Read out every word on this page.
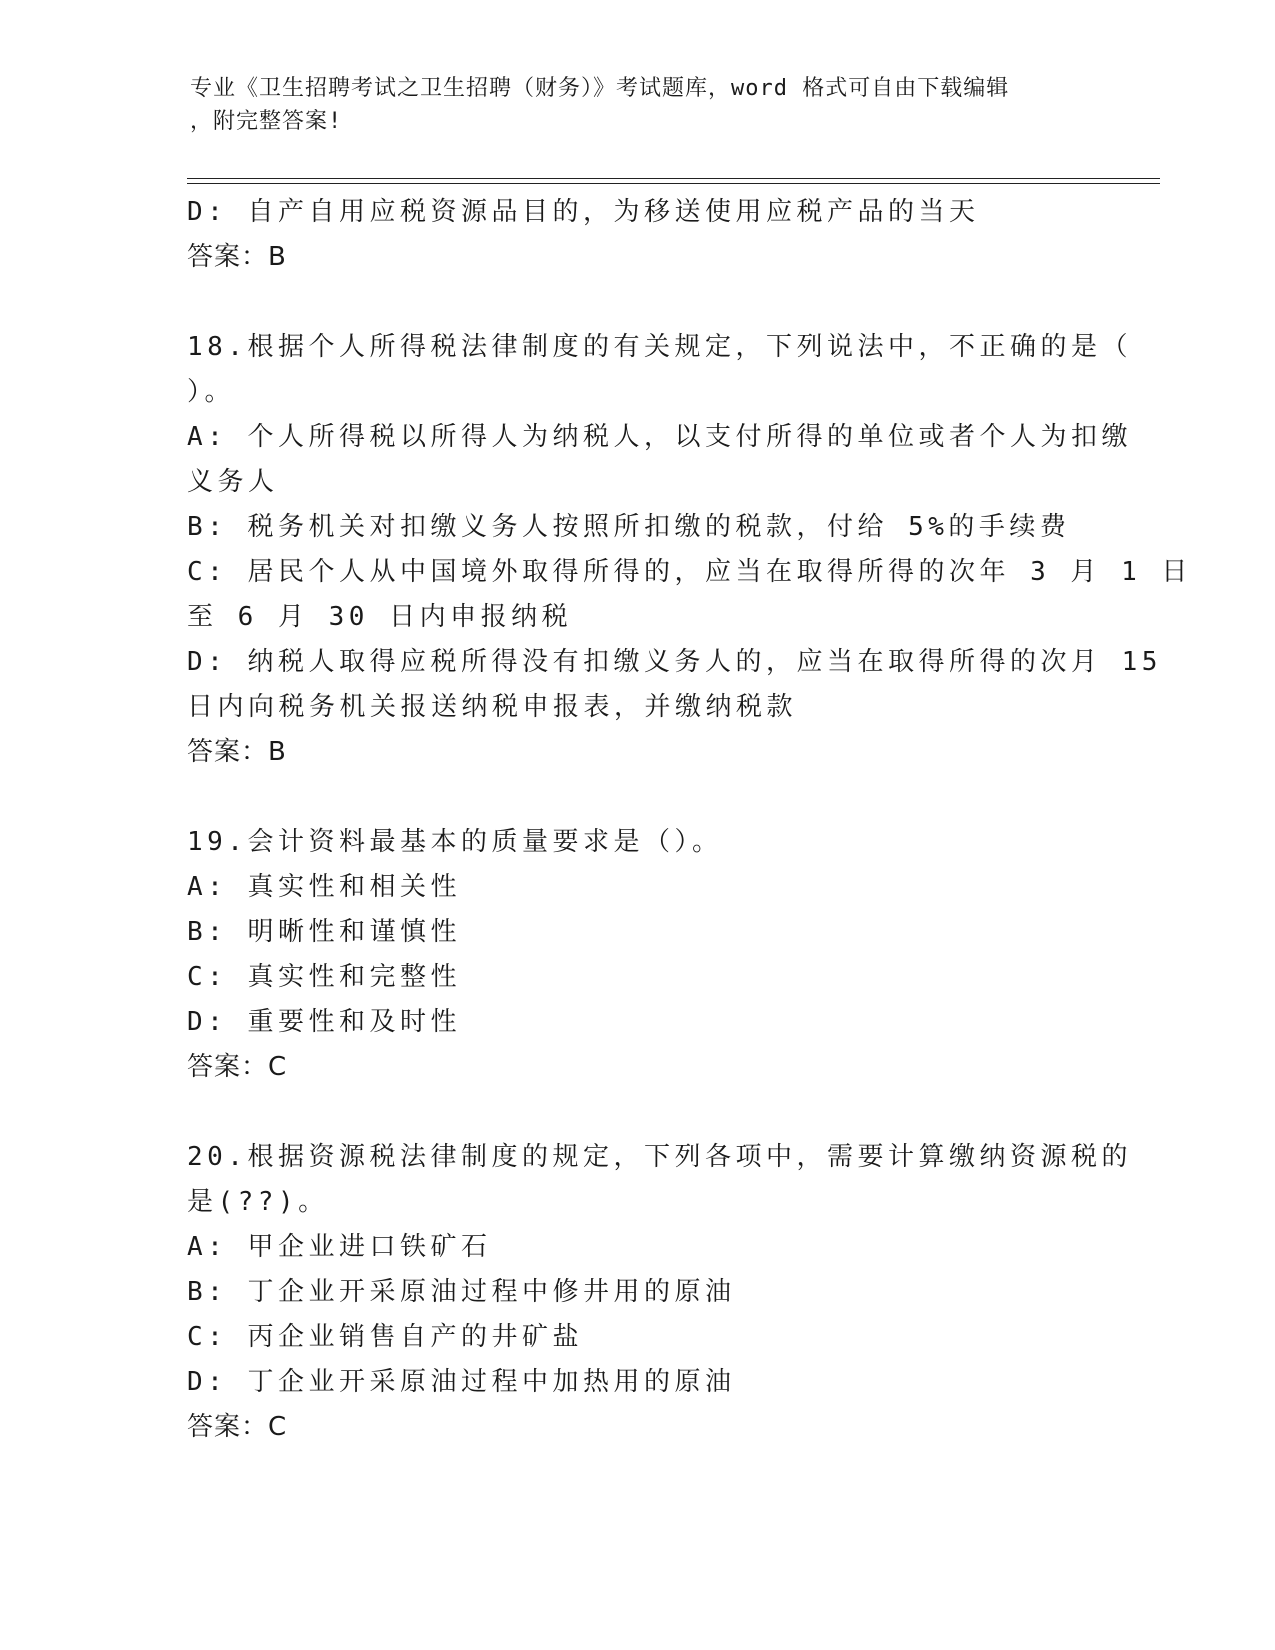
专业《卫生招聘考试之卫生招聘（财务）》考试题库，word 格式可自由下载编辑
，附完整答案!
D: 自产自用应税资源品目的，为移送使用应税产品的当天
答案：B
18.根据个人所得税法律制度的有关规定，下列说法中，不正确的是（
）。
A: 个人所得税以所得人为纳税人，以支付所得的单位或者个人为扣缴
义务人
B: 税务机关对扣缴义务人按照所扣缴的税款，付给 5%的手续费
C: 居民个人从中国境外取得所得的，应当在取得所得的次年 3 月 1 日
至 6 月 30 日内申报纳税
D: 纳税人取得应税所得没有扣缴义务人的，应当在取得所得的次月 15
日内向税务机关报送纳税申报表，并缴纳税款
答案：B
19.会计资料最基本的质量要求是（）。
A: 真实性和相关性
B: 明晰性和谨慎性
C: 真实性和完整性
D: 重要性和及时性
答案：C
20.根据资源税法律制度的规定，下列各项中，需要计算缴纳资源税的
是(??)。
A: 甲企业进口铁矿石
B: 丁企业开采原油过程中修井用的原油
C: 丙企业销售自产的井矿盐
D: 丁企业开采原油过程中加热用的原油
答案：C
